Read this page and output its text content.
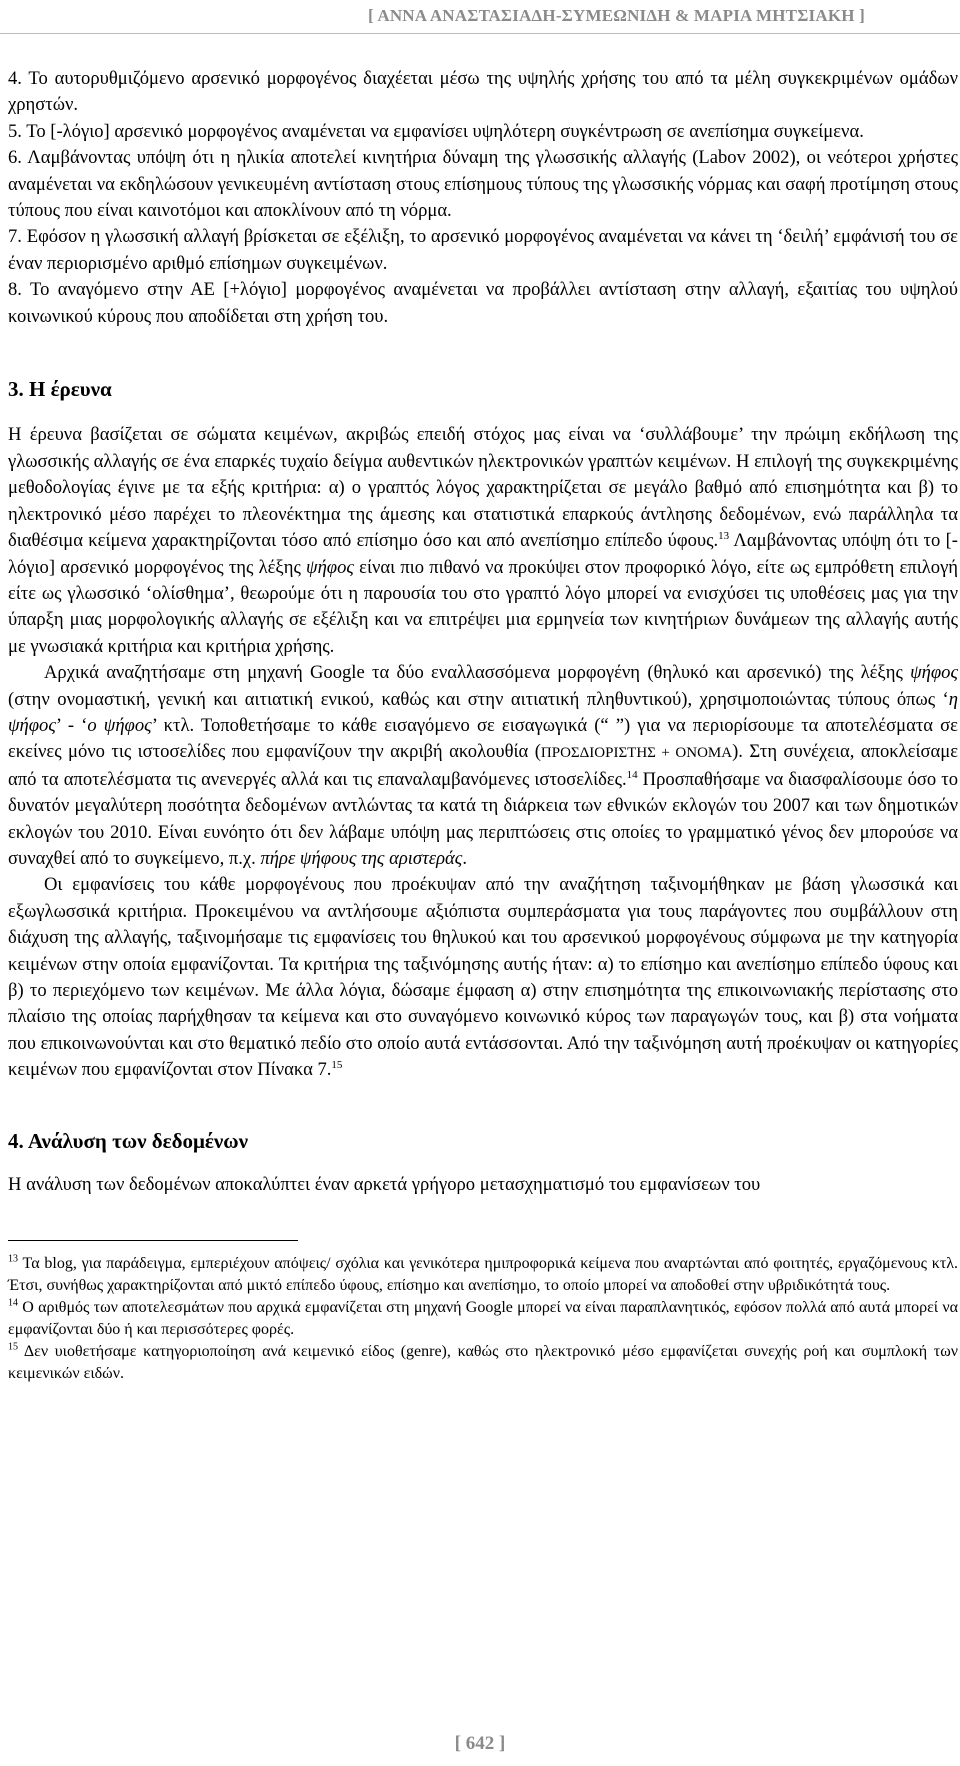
[ ΑΝΝΑ ΑΝΑΣΤΑΣΙΑΔΗ-ΣΥΜΕΩΝΙΔΗ & ΜΑΡΙΑ ΜΗΤΣΙΑΚΗ ]

4. Το αυτορυθμιζόμενο αρσενικό μορφογένος διαχέεται μέσω της υψηλής χρήσης του από τα μέλη συγκεκριμένων ομάδων χρηστών.

5. Το [-λόγιο] αρσενικό μορφογένος αναμένεται να εμφανίσει υψηλότερη συγκέντρωση σε ανεπίσημα συγκείμενα.

6. Λαμβάνοντας υπόψη ότι η ηλικία αποτελεί κινητήρια δύναμη της γλωσσικής αλλαγής (Labov 2002), οι νεότεροι χρήστες αναμένεται να εκδηλώσουν γενικευμένη αντίσταση στους επίσημους τύπους της γλωσσικής νόρμας και σαφή προτίμηση στους τύπους που είναι καινοτόμοι και αποκλίνουν από τη νόρμα.

7. Εφόσον η γλωσσική αλλαγή βρίσκεται σε εξέλιξη, το αρσενικό μορφογένος αναμένεται να κάνει τη ‘δειλή’ εμφάνισή του σε έναν περιορισμένο αριθμό επίσημων συγκειμένων.

8. Το αναγόμενο στην ΑΕ [+λόγιο] μορφογένος αναμένεται να προβάλλει αντίσταση στην αλλαγή, εξαιτίας του υψηλού κοινωνικού κύρους που αποδίδεται στη χρήση του.

3. Η έρευνα

Η έρευνα βασίζεται σε σώματα κειμένων, ακριβώς επειδή στόχος μας είναι να ‘συλλάβουμε’ την πρώιμη εκδήλωση της γλωσσικής αλλαγής σε ένα επαρκές τυχαίο δείγμα αυθεντικών ηλεκτρονικών γραπτών κειμένων. Η επιλογή της συγκεκριμένης μεθοδολογίας έγινε με τα εξής κριτήρια: α) ο γραπτός λόγος χαρακτηρίζεται σε μεγάλο βαθμό από επισημότητα και β) το ηλεκτρονικό μέσο παρέχει το πλεονέκτημα της άμεσης και στατιστικά επαρκούς άντλησης δεδομένων, ενώ παράλληλα τα διαθέσιμα κείμενα χαρακτηρίζονται τόσο από επίσημο όσο και από ανεπίσημο επίπεδο ύφους.$^{13}$ Λαμβάνοντας υπόψη ότι το [-λόγιο] αρσενικό μορφογένος της λέξης ψήφος είναι πιο πιθανό να προκύψει στον προφορικό λόγο, είτε ως εμπρόθετη επιλογή είτε ως γλωσσικό ‘ολίσθημα’, θεωρούμε ότι η παρουσία του στο γραπτό λόγο μπορεί να ενισχύσει τις υποθέσεις μας για την ύπαρξη μιας μορφολογικής αλλαγής σε εξέλιξη και να επιτρέψει μια ερμηνεία των κινητήριων δυνάμεων της αλλαγής αυτής με γνωσιακά κριτήρια και κριτήρια χρήσης.

Αρχικά αναζητήσαμε στη μηχανή Google τα δύο εναλλασσόμενα μορφογένη (θηλυκό και αρσενικό) της λέξης ψήφος (στην ονομαστική, γενική και αιτιατική ενικού, καθώς και στην αιτιατική πληθυντικού), χρησιμοποιώντας τύπους όπως ‘η ψήφος’ - ‘ο ψήφος’ κτλ. Τοποθετήσαμε το κάθε εισαγόμενο σε εισαγωγικά (“ ”) για να περιορίσουμε τα αποτελέσματα σε εκείνες μόνο τις ιστοσελίδες που εμφανίζουν την ακριβή ακολουθία (ΠΡΟΣΔΙΟΡΙΣΤΗΣ + ΟΝΟΜΑ). Στη συνέχεια, αποκλείσαμε από τα αποτελέσματα τις ανενεργές αλλά και τις επαναλαμβανόμενες ιστοσελίδες.$^{14}$ Προσπαθήσαμε να διασφαλίσουμε όσο το δυνατόν μεγαλύτερη ποσότητα δεδομένων αντλώντας τα κατά τη διάρκεια των εθνικών εκλογών του 2007 και των δημοτικών εκλογών του 2010. Είναι ευνόητο ότι δεν λάβαμε υπόψη μας περιπτώσεις στις οποίες το γραμματικό γένος δεν μπορούσε να συναχθεί από το συγκείμενο, π.χ. πήρε ψήφους της αριστεράς.

Οι εμφανίσεις του κάθε μορφογένους που προέκυψαν από την αναζήτηση ταξινομήθηκαν με βάση γλωσσικά και εξωγλωσσικά κριτήρια. Προκειμένου να αντλήσουμε αξιόπιστα συμπεράσματα για τους παράγοντες που συμβάλλουν στη διάχυση της αλλαγής, ταξινομήσαμε τις εμφανίσεις του θηλυκού και του αρσενικού μορφογένους σύμφωνα με την κατηγορία κειμένων στην οποία εμφανίζονται. Τα κριτήρια της ταξινόμησης αυτής ήταν: α) το επίσημο και ανεπίσημο επίπεδο ύφους και β) το περιεχόμενο των κειμένων. Με άλλα λόγια, δώσαμε έμφαση α) στην επισημότητα της επικοινωνιακής περίστασης στο πλαίσιο της οποίας παρήχθησαν τα κείμενα και στο συναγόμενο κοινωνικό κύρος των παραγωγών τους, και β) στα νοήματα που επικοινωνούνται και στο θεματικό πεδίο στο οποίο αυτά εντάσσονται. Από την ταξινόμηση αυτή προέκυψαν οι κατηγορίες κειμένων που εμφανίζονται στον Πίνακα 7.15

4. Ανάλυση των δεδομένων

Η ανάλυση των δεδομένων αποκαλύπτει έναν αρκετά γρήγορο μετασχηματισμό του εμφανίσεων του

$^{13}$ Τα blog, για παράδειγμα, εμπεριέχουν απόψεις/ σχόλια και γενικότερα ημιπροφορικά κείμενα που αναρτώνται από φοιτητές, εργαζόμενους κτλ. Έτσι, συνήθως χαρακτηρίζονται από μικτό επίπεδο ύφους, επίσημο και ανεπίσημο, το οποίο μπορεί να αποδοθεί στην υβριδικότητά τους.

$^{14}$ Ο αριθμός των αποτελεσμάτων που αρχικά εμφανίζεται στη μηχανή Google μπορεί να είναι παραπλανητικός, εφόσον πολλά από αυτά μπορεί να εμφανίζονται δύο ή και περισσότερες φορές.

$^{15}$ Δεν υιοθετήσαμε κατηγοριοποίηση ανά κειμενικό είδος (genre), καθώς στο ηλεκτρονικό μέσο εμφανίζεται συνεχής ροή και συμπλοκή των κειμενικών ειδών.

[ 642 ]
